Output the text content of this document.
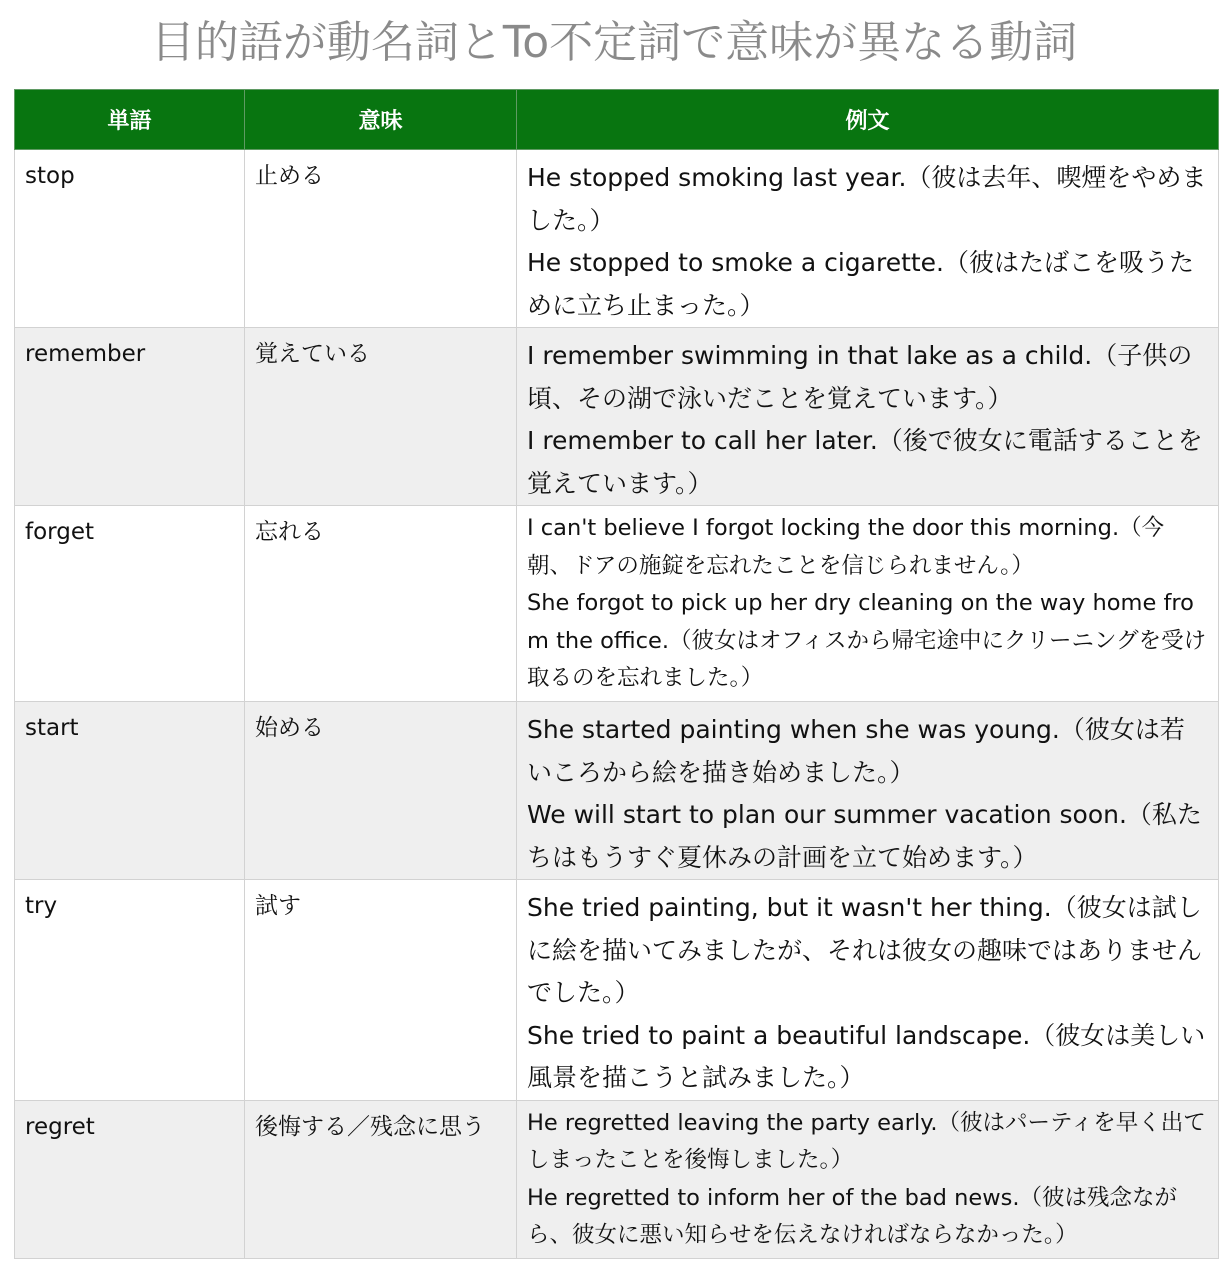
目的語が動名詞とTo不定詞で意味が異なる動詞
単語	意味	例文

stop	止める	He stopped smoking last year.（彼は去年、喫煙をやめました。）
He stopped to smoke a cigarette.（彼はたばこを吸うために立ち止まった。）

remember	覚えている	I remember swimming in that lake as a child.（子供の頃、その湖で泳いだことを覚えています。）
I remember to call her later.（後で彼女に電話することを覚えています。）

forget	忘れる	I can't believe I forgot locking the door this morning.（今朝、ドアの施錠を忘れたことを信じられません。）
She forgot to pick up her dry cleaning on the way home from the office.（彼女はオフィスから帰宅途中にクリーニングを受け取るのを忘れました。）

start	始める	She started painting when she was young.（彼女は若いころから絵を描き始めました。）
We will start to plan our summer vacation soon.（私たちはもうすぐ夏休みの計画を立て始めます。）

try	試す	She tried painting, but it wasn't her thing.（彼女は試しに絵を描いてみましたが、それは彼女の趣味ではありませんでした。）
She tried to paint a beautiful landscape.（彼女は美しい風景を描こうと試みました。）

regret	後悔する／残念に思う	He regretted leaving the party early.（彼はパーティを早く出てしまったことを後悔しました。）
He regretted to inform her of the bad news.（彼は残念ながら、彼女に悪い知らせを伝えなければならなかった。）
